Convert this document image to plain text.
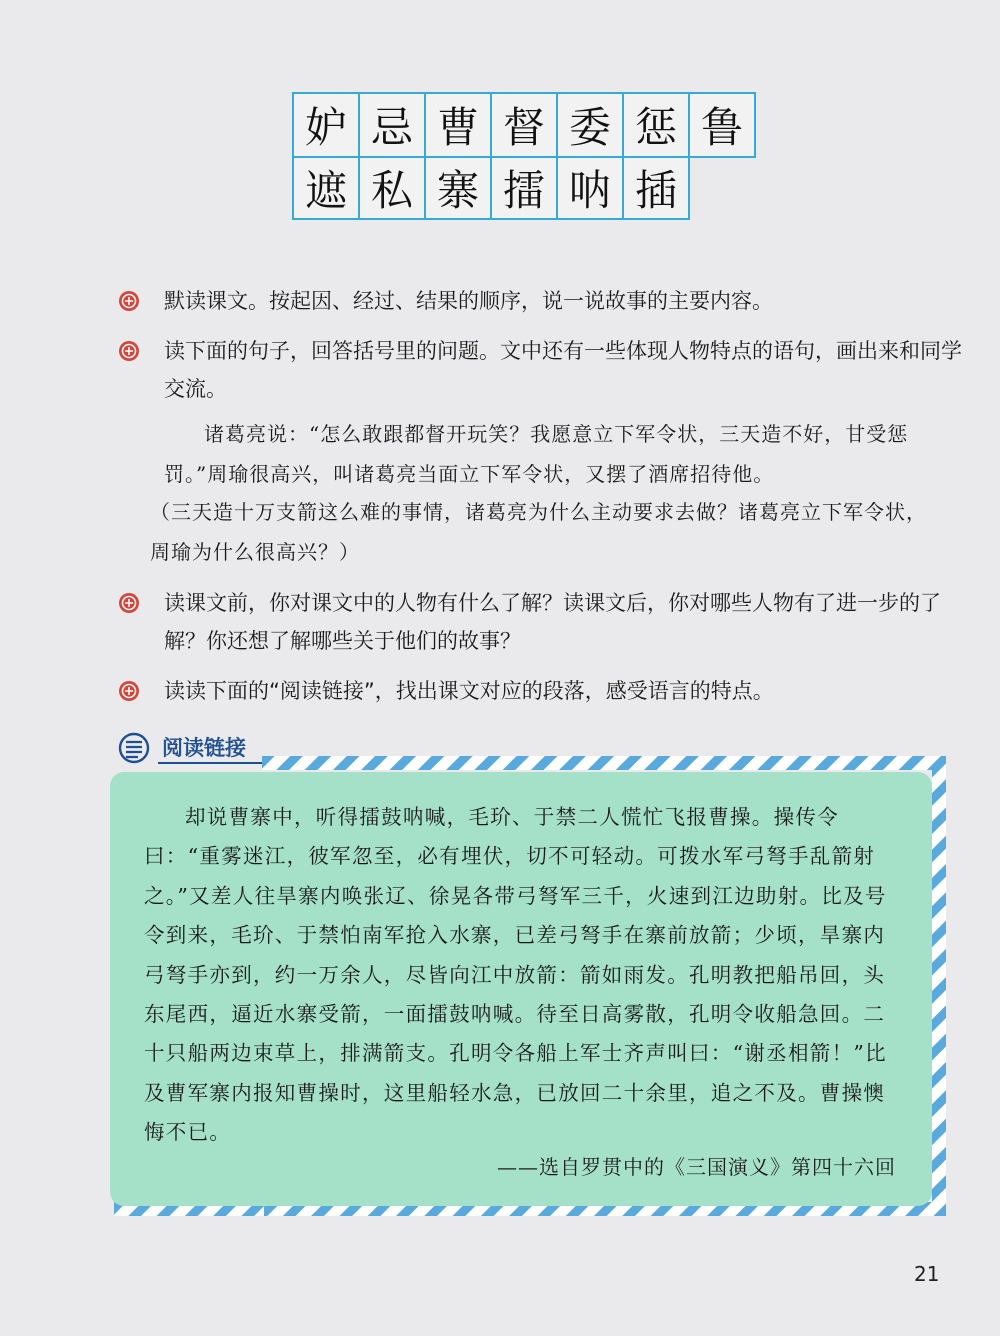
妒 忌 曹 督 委 惩 鲁
遮 私 寨 擂 呐 插
默读课文。按起因、经过、结果的顺序，说一说故事的主要内容。
读下面的句子，回答括号里的问题。文中还有一些体现人物特点的语句，画出来和同学交流。

诸葛亮说：“怎么敢跟都督开玩笑？我愿意立下军令状，三天造不好，甘受惩罚。”周瑜很高兴，叫诸葛亮当面立下军令状，又摆了酒席招待他。

（三天造十万支箭这么难的事情，诸葛亮为什么主动要求去做？诸葛亮立下军令状，周瑜为什么很高兴？）

读课文前，你对课文中的人物有什么了解？读课文后，你对哪些人物有了进一步的了解？你还想了解哪些关于他们的故事？
读读下面的“阅读链接”，找出课文对应的段落，感受语言的特点。
阅读链接

却说曹寨中，听得擂鼓呐喊，毛玠、于禁二人慌忙飞报曹操。操传令曰：“重雾迷江，彼军忽至，必有埋伏，切不可轻动。可拨水军弓弩手乱箭射之。”又差人往旱寨内唤张辽、徐晃各带弓弩军三千，火速到江边助射。比及号令到来，毛玠、于禁怕南军抢入水寨，已差弓弩手在寨前放箭；少顷，旱寨内弓弩手亦到，约一万余人，尽皆向江中放箭：箭如雨发。孔明教把船吊回，头东尾西，逼近水寨受箭，一面擂鼓呐喊。待至日高雾散，孔明令收船急回。二十只船两边束草上，排满箭支。孔明令各船上军士齐声叫曰：“谢丞相箭！”比及曹军寨内报知曹操时，这里船轻水急，已放回二十余里，追之不及。曹操懊悔不已。

——选自罗贯中的《三国演义》第四十六回
21
